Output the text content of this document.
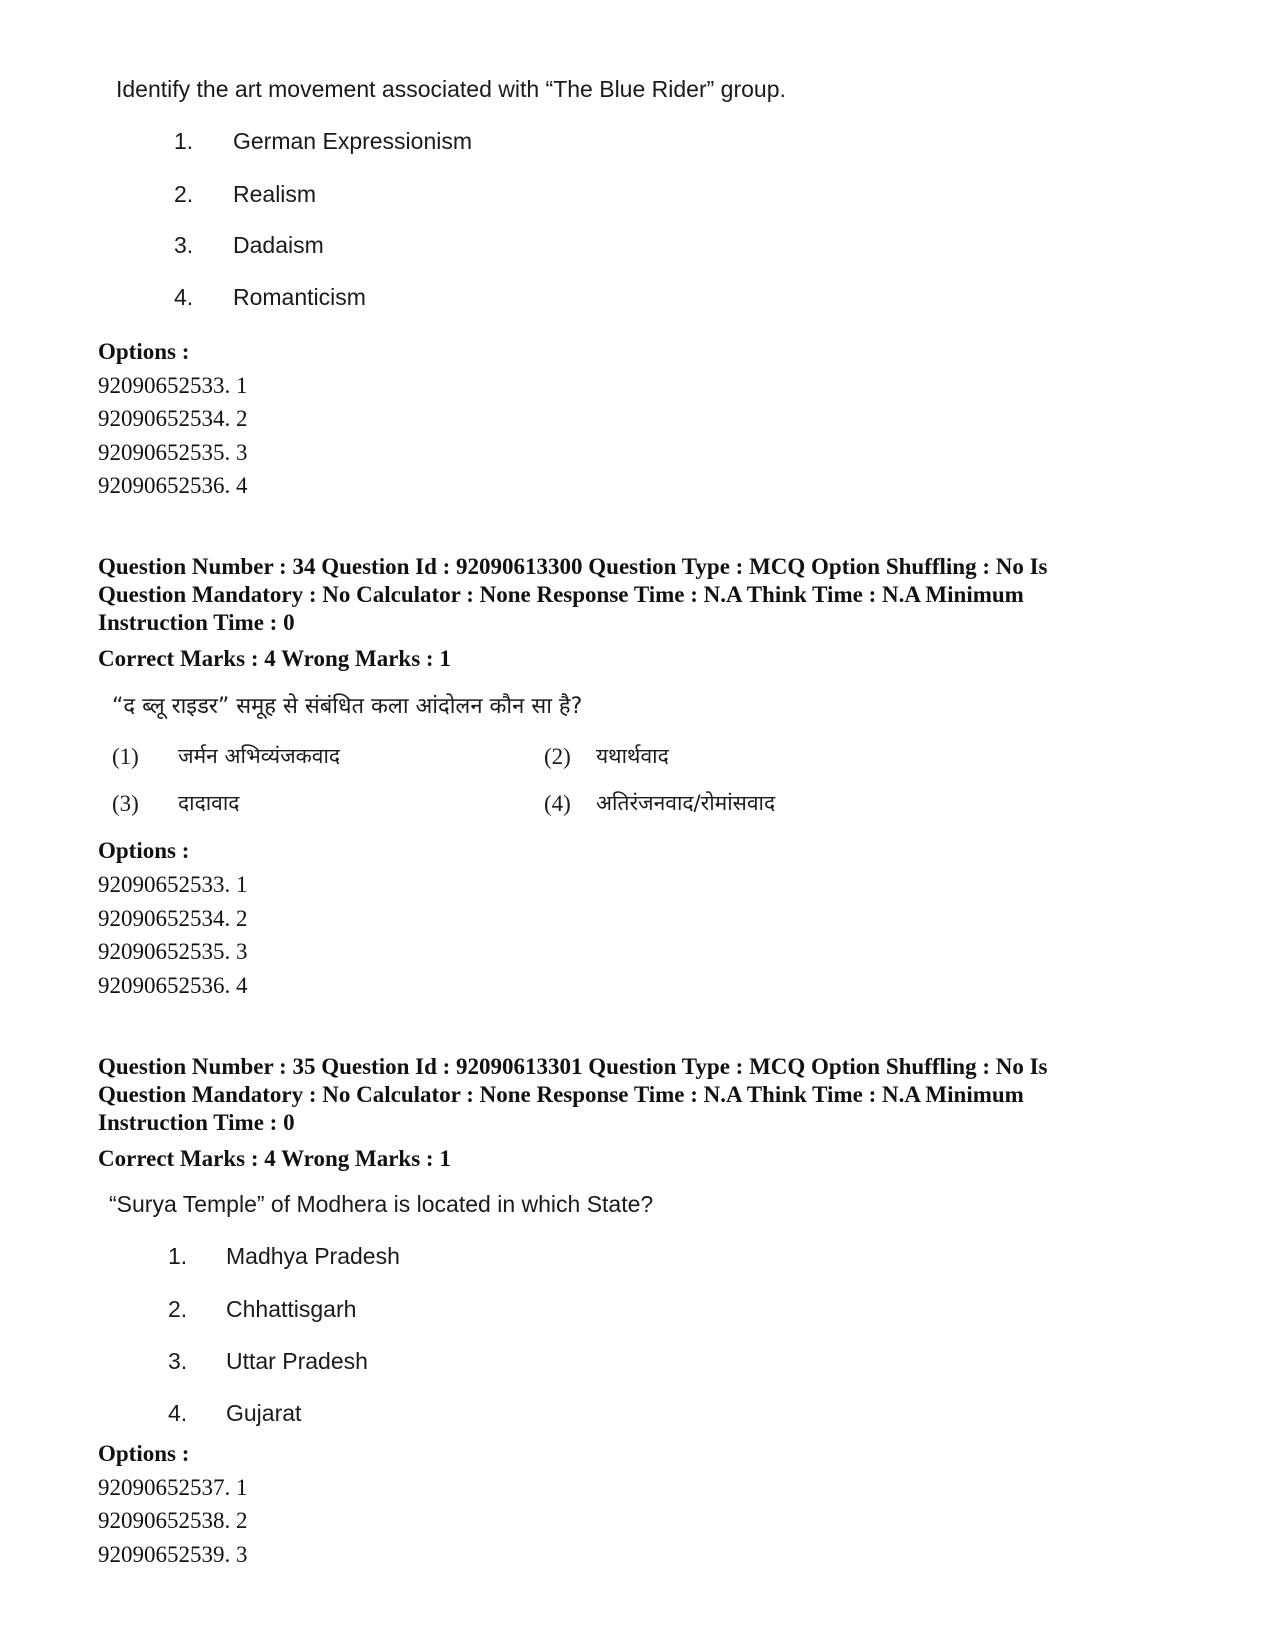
Identify the art movement associated with “The Blue Rider” group.
1. German Expressionism
2. Realism
3. Dadaism
4. Romanticism
Options :
92090652533. 1
92090652534. 2
92090652535. 3
92090652536. 4
Question Number : 34 Question Id : 92090613300 Question Type : MCQ Option Shuffling : No Is
Question Mandatory : No Calculator : None Response Time : N.A Think Time : N.A Minimum
Instruction Time : 0
Correct Marks : 4 Wrong Marks : 1
“द ब्लू राइडर” समूह से संबंधित कला आंदोलन कौन सा है?
(1) जर्मन अभिव्यंजकवाद	(2) यथार्थवाद
(3) दादावाद	(4) अतिरंजनवाद/रोमांसवाद
Options :
92090652533. 1
92090652534. 2
92090652535. 3
92090652536. 4
Question Number : 35 Question Id : 92090613301 Question Type : MCQ Option Shuffling : No Is
Question Mandatory : No Calculator : None Response Time : N.A Think Time : N.A Minimum
Instruction Time : 0
Correct Marks : 4 Wrong Marks : 1
“Surya Temple” of Modhera is located in which State?
1. Madhya Pradesh
2. Chhattisgarh
3. Uttar Pradesh
4. Gujarat
Options :
92090652537. 1
92090652538. 2
92090652539. 3
